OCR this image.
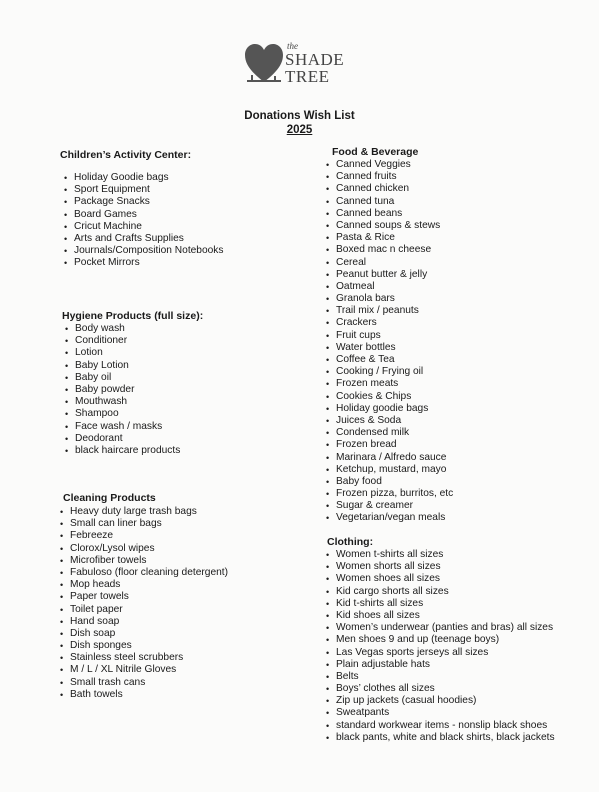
the
SHADE
TREE
Donations Wish List
2025
Children’s Activity Center:
• Holiday Goodie bags
• Sport Equipment
• Package Snacks
• Board Games
• Cricut Machine
• Arts and Crafts Supplies
• Journals/Composition Notebooks
• Pocket Mirrors
Hygiene Products (full size):
• Body wash
• Conditioner
• Lotion
• Baby Lotion
• Baby oil
• Baby powder
• Mouthwash
• Shampoo
• Face wash / masks
• Deodorant
• black haircare products
Cleaning Products
• Heavy duty large trash bags
• Small can liner bags
• Febreeze
• Clorox/Lysol wipes
• Microfiber towels
• Fabuloso (floor cleaning detergent)
• Mop heads
• Paper towels
• Toilet paper
• Hand soap
• Dish soap
• Dish sponges
• Stainless steel scrubbers
• M / L / XL Nitrile Gloves
• Small trash cans
• Bath towels
Food & Beverage
• Canned Veggies
• Canned fruits
• Canned chicken
• Canned tuna
• Canned beans
• Canned soups & stews
• Pasta & Rice
• Boxed mac n cheese
• Cereal
• Peanut butter & jelly
• Oatmeal
• Granola bars
• Trail mix / peanuts
• Crackers
• Fruit cups
• Water bottles
• Coffee & Tea
• Cooking / Frying oil
• Frozen meats
• Cookies & Chips
• Holiday goodie bags
• Juices & Soda
• Condensed milk
• Frozen bread
• Marinara / Alfredo sauce
• Ketchup, mustard, mayo
• Baby food
• Frozen pizza, burritos, etc
• Sugar & creamer
• Vegetarian/vegan meals
Clothing:
• Women t-shirts all sizes
• Women shorts all sizes
• Women shoes all sizes
• Kid cargo shorts all sizes
• Kid t-shirts all sizes
• Kid shoes all sizes
• Women’s underwear (panties and bras) all sizes
• Men shoes 9 and up (teenage boys)
• Las Vegas sports jerseys all sizes
• Plain adjustable hats
• Belts
• Boys’ clothes all sizes
• Zip up jackets (casual hoodies)
• Sweatpants
• standard workwear items - nonslip black shoes
• black pants, white and black shirts, black jackets
